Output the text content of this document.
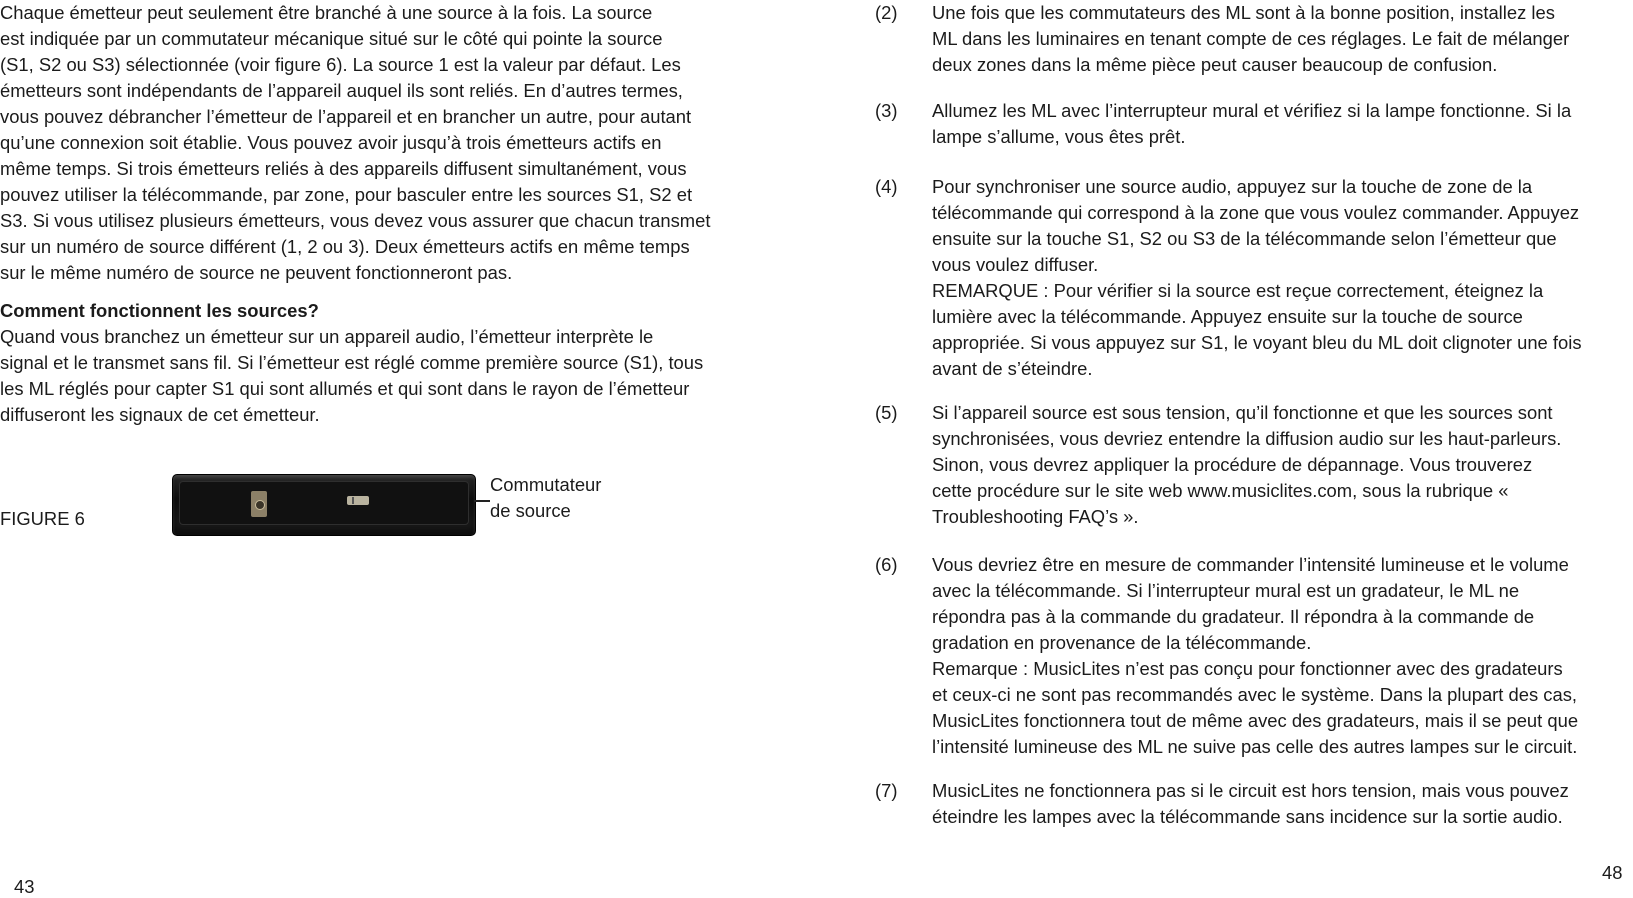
Chaque émetteur peut seulement être branché à une source à la fois. La source
est indiquée par un commutateur mécanique situé sur le côté qui pointe la source
(S1, S2 ou S3) sélectionnée (voir figure 6). La source 1 est la valeur par défaut. Les
émetteurs sont indépendants de l’appareil auquel ils sont reliés. En d’autres termes,
vous pouvez débrancher l’émetteur de l’appareil et en brancher un autre, pour autant
qu’une connexion soit établie. Vous pouvez avoir jusqu’à trois émetteurs actifs en
même temps. Si trois émetteurs reliés à des appareils diffusent simultanément, vous
pouvez utiliser la télécommande, par zone, pour basculer entre les sources S1, S2 et
S3. Si vous utilisez plusieurs émetteurs, vous devez vous assurer que chacun transmet
sur un numéro de source différent (1, 2 ou 3). Deux émetteurs actifs en même temps
sur le même numéro de source ne peuvent fonctionneront pas.
Comment fonctionnent les sources?
Quand vous branchez un émetteur sur un appareil audio, l’émetteur interprète le
signal et le transmet sans fil. Si l’émetteur est réglé comme première source (S1), tous
les ML réglés pour capter S1 qui sont allumés et qui sont dans le rayon de l’émetteur
diffuseront les signaux de cet émetteur.
FIGURE 6
Commutateur
de source
43
(2) Une fois que les commutateurs des ML sont à la bonne position, installez les
ML dans les luminaires en tenant compte de ces réglages. Le fait de mélanger
deux zones dans la même pièce peut causer beaucoup de confusion.
(3) Allumez les ML avec l’interrupteur mural et vérifiez si la lampe fonctionne. Si la
lampe s’allume, vous êtes prêt.
(4) Pour synchroniser une source audio, appuyez sur la touche de zone de la
télécommande qui correspond à la zone que vous voulez commander. Appuyez
ensuite sur la touche S1, S2 ou S3 de la télécommande selon l’émetteur que
vous voulez diffuser.
REMARQUE : Pour vérifier si la source est reçue correctement, éteignez la
lumière avec la télécommande. Appuyez ensuite sur la touche de source
appropriée. Si vous appuyez sur S1, le voyant bleu du ML doit clignoter une fois
avant de s’éteindre.
(5) Si l’appareil source est sous tension, qu’il fonctionne et que les sources sont
synchronisées, vous devriez entendre la diffusion audio sur les haut-parleurs.
Sinon, vous devrez appliquer la procédure de dépannage. Vous trouverez
cette procédure sur le site web www.musiclites.com, sous la rubrique «
Troubleshooting FAQ’s ».
(6) Vous devriez être en mesure de commander l’intensité lumineuse et le volume
avec la télécommande. Si l’interrupteur mural est un gradateur, le ML ne
répondra pas à la commande du gradateur. Il répondra à la commande de
gradation en provenance de la télécommande.
Remarque : MusicLites n’est pas conçu pour fonctionner avec des gradateurs
et ceux-ci ne sont pas recommandés avec le système. Dans la plupart des cas,
MusicLites fonctionnera tout de même avec des gradateurs, mais il se peut que
l’intensité lumineuse des ML ne suive pas celle des autres lampes sur le circuit.
(7) MusicLites ne fonctionnera pas si le circuit est hors tension, mais vous pouvez
éteindre les lampes avec la télécommande sans incidence sur la sortie audio.
48
